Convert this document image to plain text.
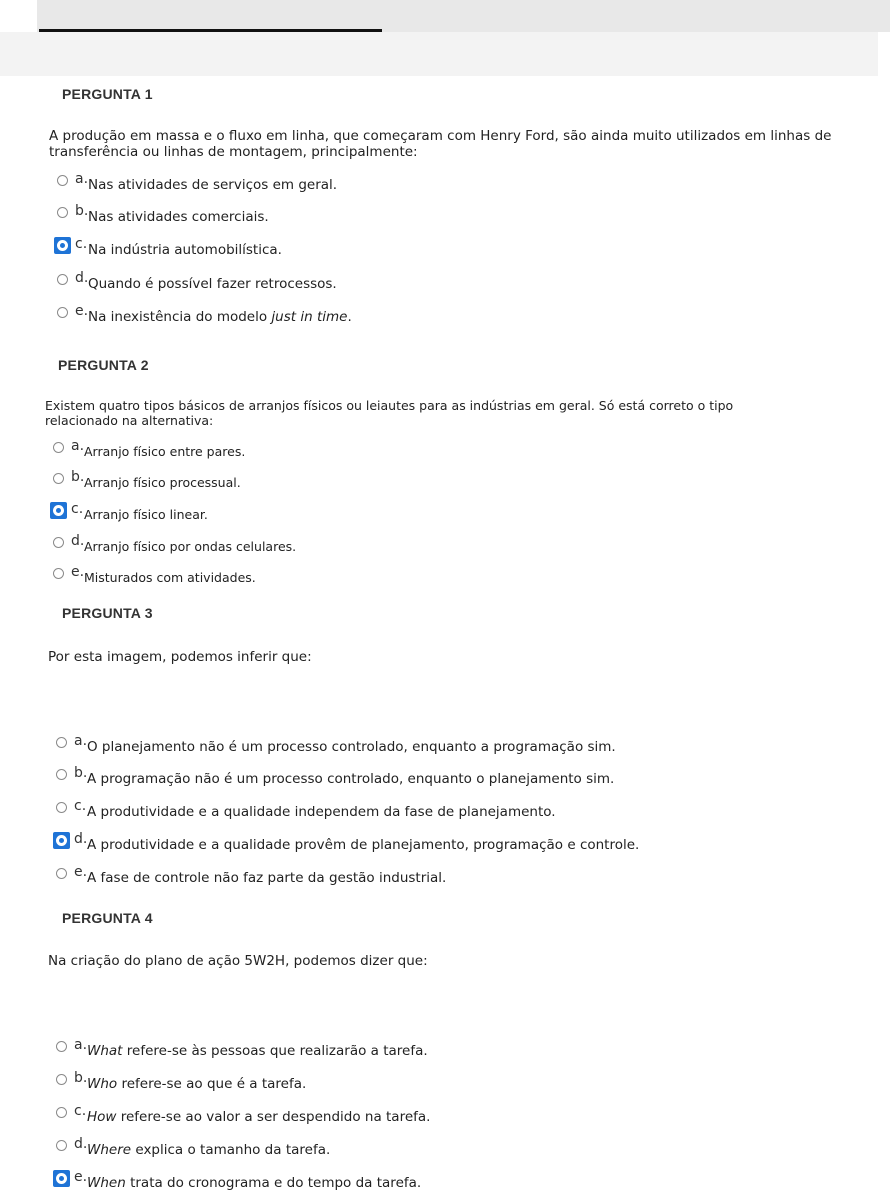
PERGUNTA 1
A produção em massa e o fluxo em linha, que começaram com Henry Ford, são ainda muito utilizados em linhas de transferência ou linhas de montagem, principalmente:
a. Nas atividades de serviços em geral.
b. Nas atividades comerciais.
c. Na indústria automobilística.
d. Quando é possível fazer retrocessos.
e. Na inexistência do modelo just in time.
PERGUNTA 2
Existem quatro tipos básicos de arranjos físicos ou leiautes para as indústrias em geral. Só está correto o tipo relacionado na alternativa:
a. Arranjo físico entre pares.
b. Arranjo físico processual.
c. Arranjo físico linear.
d. Arranjo físico por ondas celulares.
e. Misturados com atividades.
PERGUNTA 3
Por esta imagem, podemos inferir que:
a. O planejamento não é um processo controlado, enquanto a programação sim.
b. A programação não é um processo controlado, enquanto o planejamento sim.
c. A produtividade e a qualidade independem da fase de planejamento.
d. A produtividade e a qualidade provêm de planejamento, programação e controle.
e. A fase de controle não faz parte da gestão industrial.
PERGUNTA 4
Na criação do plano de ação 5W2H, podemos dizer que:
a. What refere-se às pessoas que realizarão a tarefa.
b. Who refere-se ao que é a tarefa.
c. How refere-se ao valor a ser despendido na tarefa.
d. Where explica o tamanho da tarefa.
e. When trata do cronograma e do tempo da tarefa.
